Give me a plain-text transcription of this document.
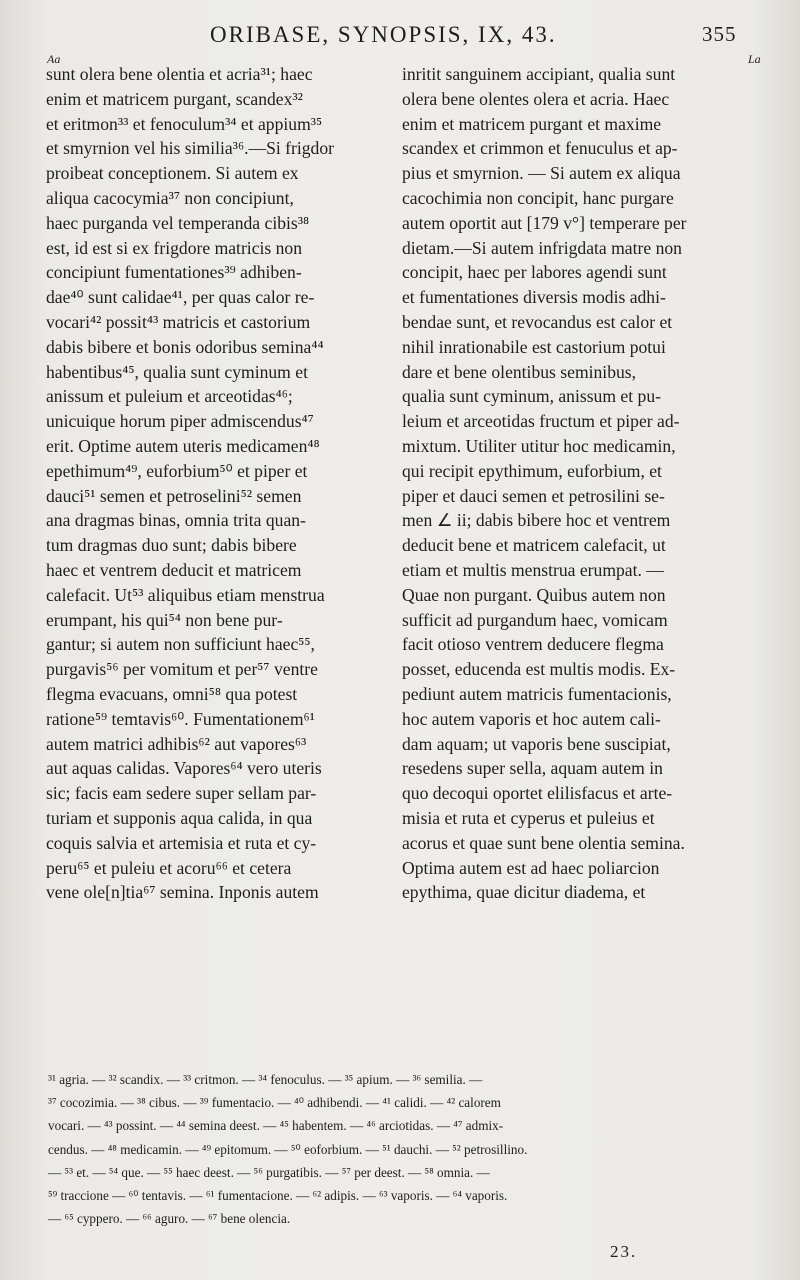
ORIBASE, SYNOPSIS, IX, 43.	355
Aa	La
sunt olera bene olentia et acria³¹; haec
enim et matricem purgant, scandex³²
et eritmon³³ et fenoculum³⁴ et appium³⁵
et smyrnion vel his similia³⁶.—Si frigdor
proibeat conceptionem. Si autem ex
aliqua cacocymia³⁷ non concipiunt,
haec purganda vel temperanda cibis³⁸
est, id est si ex frigdore matricis non
concipiunt fumentationes³⁹ adhiben-
dae⁴⁰ sunt calidae⁴¹, per quas calor re-
vocari⁴² possit⁴³ matricis et castorium
dabis bibere et bonis odoribus semina⁴⁴
habentibus⁴⁵, qualia sunt cyminum et
anissum et puleium et arceotidas⁴⁶;
unicuique horum piper admiscendus⁴⁷
erit. Optime autem uteris medicamen⁴⁸
epethimum⁴⁹, euforbium⁵⁰ et piper et
dauci⁵¹ semen et petroselini⁵² semen
ana dragmas binas, omnia trita quan-
tum dragmas duo sunt; dabis bibere
haec et ventrem deducit et matricem
calefacit. Ut⁵³ aliquibus etiam menstrua
erumpant, his qui⁵⁴ non bene pur-
gantur; si autem non sufficiunt haec⁵⁵,
purgavis⁵⁶ per vomitum et per⁵⁷ ventre
flegma evacuans, omni⁵⁸ qua potest
ratione⁵⁹ temtavis⁶⁰. Fumentationem⁶¹
autem matrici adhibis⁶² aut vapores⁶³
aut aquas calidas. Vapores⁶⁴ vero uteris
sic; facis eam sedere super sellam par-
turiam et supponis aqua calida, in qua
coquis salvia et artemisia et ruta et cy-
peru⁶⁵ et puleiu et acoru⁶⁶ et cetera
vene ole[n]tia⁶⁷ semina. Inponis autem
inritit sanguinem accipiant, qualia sunt
olera bene olentes olera et acria. Haec
enim et matricem purgant et maxime
scandex et crimmon et fenuculus et ap-
pius et smyrnion. — Si autem ex aliqua
cacochimia non concipit, hanc purgare
autem oportit aut [179 v°] temperare per
dietam.—Si autem infrigdata matre non
concipit, haec per labores agendi sunt
et fumentationes diversis modis adhi-
bendae sunt, et revocandus est calor et
nihil inrationabile est castorium potui
dare et bene olentibus seminibus,
qualia sunt cyminum, anissum et pu-
leium et arceotidas fructum et piper ad-
mixtum. Utiliter utitur hoc medicamin,
qui recipit epythimum, euforbium, et
piper et dauci semen et petrosilini se-
men ∠ ii; dabis bibere hoc et ventrem
deducit bene et matricem calefacit, ut
etiam et multis menstrua erumpat. —
Quae non purgant. Quibus autem non
sufficit ad purgandum haec, vomicam
facit otioso ventrem deducere flegma
posset, educenda est multis modis. Ex-
pediunt autem matricis fumentacionis,
hoc autem vaporis et hoc autem cali-
dam aquam; ut vaporis bene suscipiat,
resedens super sella, aquam autem in
quo decoqui oportet elilisfacus et arte-
misia et ruta et cyperus et puleius et
acorus et quae sunt bene olentia semina.
Optima autem est ad haec poliarcion
epythima, quae dicitur diadema, et
³¹ agria. — ³² scandix. — ³³ critmon. — ³⁴ fenoculus. — ³⁵ apium. — ³⁶ semilia. —
³⁷ cocozimia. — ³⁸ cibus. — ³⁹ fumentacio. — ⁴⁰ adhibendi. — ⁴¹ calidi. — ⁴² calorem
vocari. — ⁴³ possint. — ⁴⁴ semina deest. — ⁴⁵ habentem. — ⁴⁶ arciotidas. — ⁴⁷ admix-
cendus. — ⁴⁸ medicamin. — ⁴⁹ epitomum. — ⁵⁰ eoforbium. — ⁵¹ dauchi. — ⁵² petrosillino.
— ⁵³ et. — ⁵⁴ que. — ⁵⁵ haec deest. — ⁵⁶ purgatibis. — ⁵⁷ per deest. — ⁵⁸ omnia. —
⁵⁹ traccione — ⁶⁰ tentavis. — ⁶¹ fumentacione. — ⁶² adipis. — ⁶³ vaporis. — ⁶⁴ vaporis.
— ⁶⁵ cyppero. — ⁶⁶ aguro. — ⁶⁷ bene olencia.
23.
